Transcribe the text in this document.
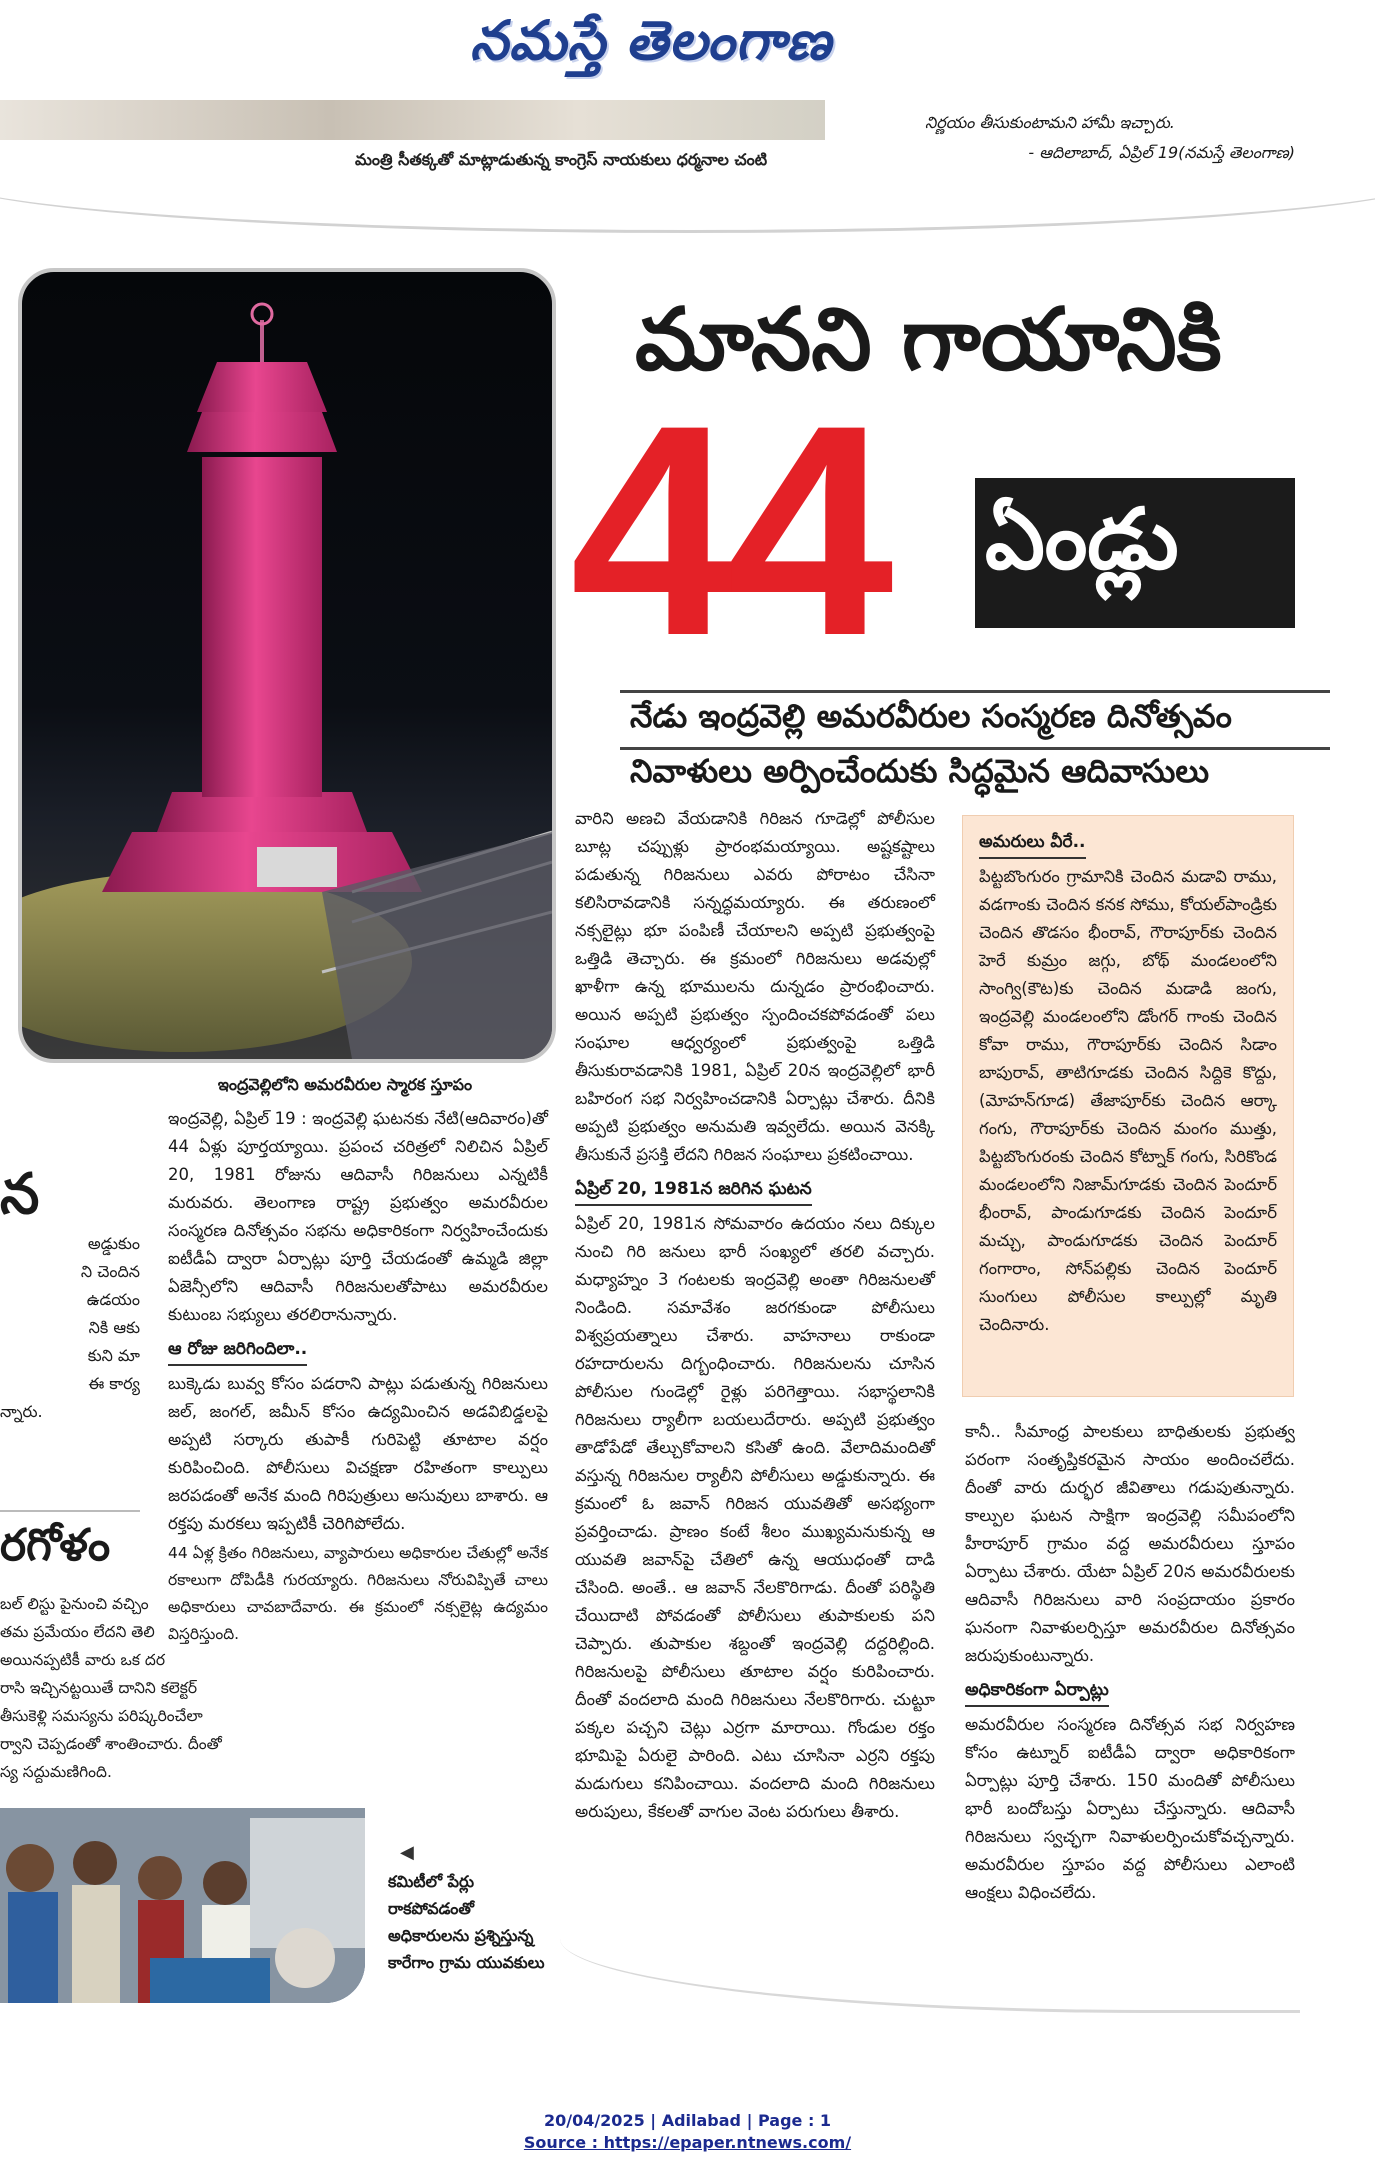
నమస్తే తెలంగాణ
మంత్రి సీతక్కతో మాట్లాడుతున్న కాంగ్రెస్ నాయకులు ధర్మనాల చంటి
నిర్ణయం తీసుకుంటామని హామీ ఇచ్చారు.
- ఆదిలాబాద్, ఏప్రిల్ 19(నమస్తే తెలంగాణ)
ఇంద్రవెల్లిలోని అమరవీరుల స్మారక స్తూపం
మానని గాయానికి
44	ఏండ్లు
నేడు ఇంద్రవెల్లి అమరవీరుల సంస్మరణ దినోత్సవం
నివాళులు అర్పించేందుకు సిద్ధమైన ఆదివాసులు

ఇంద్రవెల్లి, ఏప్రిల్ 19 : ఇంద్రవెల్లి ఘటనకు నేటి(ఆదివారం)తో 44 ఏళ్లు పూర్తయ్యాయి. ప్రపంచ చరిత్రలో నిలిచిన ఏప్రిల్ 20, 1981 రోజును ఆదివాసీ గిరిజనులు ఎన్నటికీ మరువరు. తెలంగాణ రాష్ట్ర ప్రభుత్వం అమరవీరుల సంస్మరణ దినోత్సవం సభను అధికారికంగా నిర్వహించేందుకు ఐటీడీఏ ద్వారా ఏర్పాట్లు పూర్తి చేయడంతో ఉమ్మడి జిల్లా ఏజెన్సీలోని ఆదివాసీ గిరిజనులతోపాటు అమరవీరుల కుటుంబ సభ్యులు తరలిరానున్నారు.

ఆ రోజు జరిగిందిలా..

బుక్కెడు బువ్వ కోసం పడరాని పాట్లు పడుతున్న గిరిజనులు జల్, జంగల్, జమీన్ కోసం ఉద్యమించిన అడవిబిడ్డలపై అప్పటి సర్కారు తుపాకీ గురిపెట్టి తూటాల వర్షం కురిపించింది. పోలీసులు విచక్షణా రహితంగా కాల్పులు జరపడంతో అనేక మంది గిరిపుత్రులు అసువులు బాశారు. ఆ రక్తపు మరకలు ఇప్పటికీ చెరిగిపోలేదు.

44 ఏళ్ల క్రితం గిరిజనులు, వ్యాపారులు అధికారుల చేతుల్లో అనేక రకాలుగా దోపిడీకి గురయ్యారు. గిరిజనులు నోరువిప్పితే చాలు అధికారులు చావబాదేవారు. ఈ క్రమంలో నక్సలైట్ల ఉద్యమం విస్తరిస్తుంది.

వారిని అణచి వేయడానికి గిరిజన గూడెల్లో పోలీసుల బూట్ల చప్పుళ్లు ప్రారంభమయ్యాయి. అష్టకష్టాలు పడుతున్న గిరిజనులు ఎవరు పోరాటం చేసినా కలిసిరావడానికి సన్నద్ధమయ్యారు. ఈ తరుణంలో నక్సలైట్లు భూ పంపిణీ చేయాలని అప్పటి ప్రభుత్వంపై ఒత్తిడి తెచ్చారు. ఈ క్రమంలో గిరిజనులు అడవుల్లో ఖాళీగా ఉన్న భూములను దున్నడం ప్రారంభించారు. అయిన అప్పటి ప్రభుత్వం స్పందించకపోవడంతో పలు సంఘాల ఆధ్వర్యంలో ప్రభుత్వంపై ఒత్తిడి తీసుకురావడానికి 1981, ఏప్రిల్ 20న ఇంద్రవెల్లిలో భారీ బహిరంగ సభ నిర్వహించడానికి ఏర్పాట్లు చేశారు. దీనికి అప్పటి ప్రభుత్వం అనుమతి ఇవ్వలేదు. అయిన వెనక్కి తీసుకునే ప్రసక్తి లేదని గిరిజన సంఘాలు ప్రకటించాయి.

ఏప్రిల్ 20, 1981న జరిగిన ఘటన

ఏప్రిల్ 20, 1981న సోమవారం ఉదయం నలు దిక్కుల నుంచి గిరి జనులు భారీ సంఖ్యలో తరలి వచ్చారు. మధ్యాహ్నం 3 గంటలకు ఇంద్రవెల్లి అంతా గిరిజనులతో నిండింది. సమావేశం జరగకుండా పోలీసులు విశ్వప్రయత్నాలు చేశారు. వాహనాలు రాకుండా రహదారులను దిగ్బంధించారు. గిరిజనులను చూసిన పోలీసుల గుండెల్లో రైళ్లు పరిగెత్తాయి. సభాస్థలానికి గిరిజనులు ర్యాలీగా బయలుదేరారు. అప్పటి ప్రభుత్వం తాడోపేడో తేల్చుకోవాలని కసితో ఉంది. వేలాదిమందితో వస్తున్న గిరిజనుల ర్యాలీని పోలీసులు అడ్డుకున్నారు. ఈ క్రమంలో ఓ జవాన్ గిరిజన యువతితో అసభ్యంగా ప్రవర్తించాడు. ప్రాణం కంటే శీలం ముఖ్యమనుకున్న ఆ యువతి జవాన్‌పై చేతిలో ఉన్న ఆయుధంతో దాడి చేసింది. అంతే.. ఆ జవాన్ నేలకొరిగాడు. దీంతో పరిస్థితి చేయిదాటి పోవడంతో పోలీసులు తుపాకులకు పని చెప్పారు. తుపాకుల శబ్దంతో ఇంద్రవెల్లి దద్దరిల్లింది. గిరిజనులపై పోలీసులు తూటాల వర్షం కురిపించారు. దీంతో వందలాది మంది గిరిజనులు నేలకొరిగారు. చుట్టూ పక్కల పచ్చని చెట్లు ఎర్రగా మారాయి. గోండుల రక్తం భూమిపై ఏరులై పారింది. ఎటు చూసినా ఎర్రని రక్తపు మడుగులు కనిపించాయి. వందలాది మంది గిరిజనులు అరుపులు, కేకలతో వాగుల వెంట పరుగులు తీశారు.

అమరులు వీరే..
పిట్టబొంగురం గ్రామానికి చెందిన మడావి రాము, వడగాంకు చెందిన కనక సోము, కోయల్‌పాండ్రికు చెందిన తొడసం భీంరావ్, గౌరాపూర్‌కు చెందిన హెరే కుమ్రం జగ్గు, బోథ్ మండలంలోని సాంగ్వి(కౌట)కు చెందిన మడాడి జంగు, ఇంద్రవెల్లి మండలంలోని డోంగర్ గాంకు చెందిన కోవా రాము, గౌరాపూర్‌కు చెందిన సిడాం బాపురావ్, తాటిగూడకు చెందిన సిద్దికె కొద్దు, (మోహన్‌గూడ) తేజాపూర్‌కు చెందిన ఆర్కా గంగు, గౌరాపూర్‌కు చెందిన మంగం ముత్తు, పిట్టబొంగురంకు చెందిన కోట్నాక్ గంగు, సిరికొండ మండలంలోని నిజామ్‌గూడకు చెందిన పెందూర్ భీంరావ్, పాండుగూడకు చెందిన పెందూర్ మచ్చు, పాండుగూడకు చెందిన పెందూర్ గంగారాం, సోన్‌పల్లికు చెందిన పెందూర్ సుంగులు పోలీసుల కాల్పుల్లో మృతి చెందినారు.

కానీ.. సీమాంధ్ర పాలకులు బాధితులకు ప్రభుత్వ పరంగా సంతృప్తికరమైన సాయం అందించలేదు. దీంతో వారు దుర్భర జీవితాలు గడుపుతున్నారు. కాల్పుల ఘటన సాక్షిగా ఇంద్రవెల్లి సమీపంలోని హీరాపూర్ గ్రామం వద్ద అమరవీరులు స్తూపం ఏర్పాటు చేశారు. యేటా ఏప్రిల్ 20న అమరవీరులకు ఆదివాసీ గిరిజనులు వారి సంప్రదాయం ప్రకారం ఘనంగా నివాళులర్పిస్తూ అమరవీరుల దినోత్సవం జరుపుకుంటున్నారు.

అధికారికంగా ఏర్పాట్లు

అమరవీరుల సంస్మరణ దినోత్సవ సభ నిర్వహణ కోసం ఉట్నూర్ ఐటీడీఏ ద్వారా అధికారికంగా ఏర్పాట్లు పూర్తి చేశారు. 150 మందితో పోలీసులు భారీ బందోబస్తు ఏర్పాటు చేస్తున్నారు. ఆదివాసీ గిరిజనులు స్వచ్ఛగా నివాళులర్పించుకోవచ్చన్నారు. అమరవీరుల స్తూపం వద్ద పోలీసులు ఎలాంటి ఆంక్షలు విధించలేదు.

న
అడ్డుకుం
ని చెందిన
ఉడయం
నికి ఆకు
కుని మా
ఈ కార్య
న్నారు.
రగోళం
బల్ లిస్టు పైనుంచి వచ్చిం
తమ ప్రమేయం లేదని తెలి
అయినప్పటికీ వారు ఒక దర
రాసి ఇచ్చినట్టయితే దానిని కలెక్టర్
తీసుకెళ్లి సమస్యను పరిష్కరించేలా
ర్వాని చెప్పడంతో శాంతించారు. దీంతో
స్య సద్దుమణిగింది.
◀
కమిటీలో పేర్లు
రాకపోవడంతో
అధికారులను ప్రశ్నిస్తున్న
కారేగాం గ్రామ యువకులు
20/04/2025 | Adilabad | Page : 1
Source : https://epaper.ntnews.com/
